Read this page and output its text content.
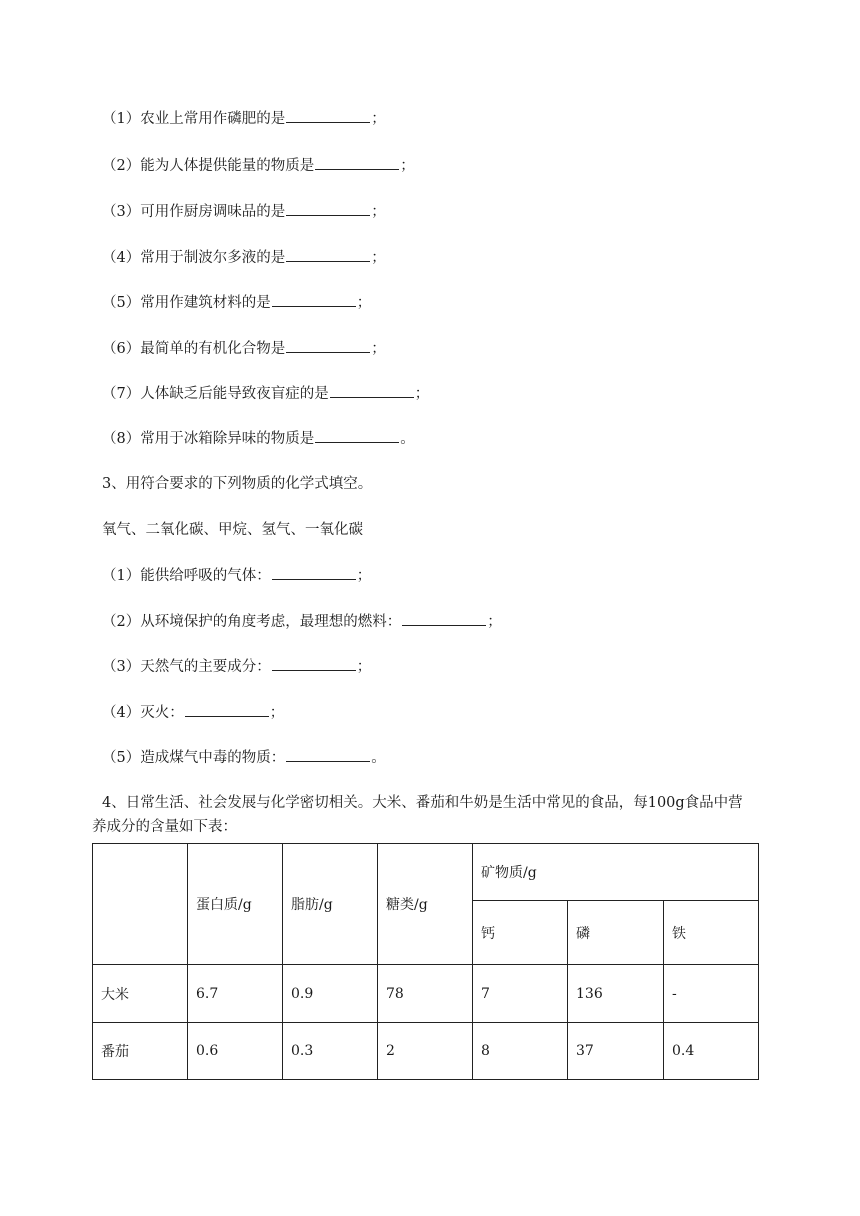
（1）农业上常用作磷肥的是	；
（2）能为人体提供能量的物质是	；
（3）可用作厨房调味品的是	；
（4）常用于制波尔多液的是	；
（5）常用作建筑材料的是	；
（6）最简单的有机化合物是	；
（7）人体缺乏后能导致夜盲症的是	；
（8）常用于冰箱除异味的物质是	。
3、用符合要求的下列物质的化学式填空。
氧气、二氧化碳、甲烷、氢气、一氧化碳
（1）能供给呼吸的气体：	；
（2）从环境保护的角度考虑，最理想的燃料：	；
（3）天然气的主要成分：	；
（4）灭火：	；
（5）造成煤气中毒的物质：	。
4、日常生活、社会发展与化学密切相关。大米、番茄和牛奶是生活中常见的食品，每100g食品中营
养成分的含量如下表：
	蛋白质/g	脂肪/g	糖类/g	矿物质/g		
				钙	磷	铁
大米	6.7	0.9	78	7	136	-
番茄	0.6	0.3	2	8	37	0.4
